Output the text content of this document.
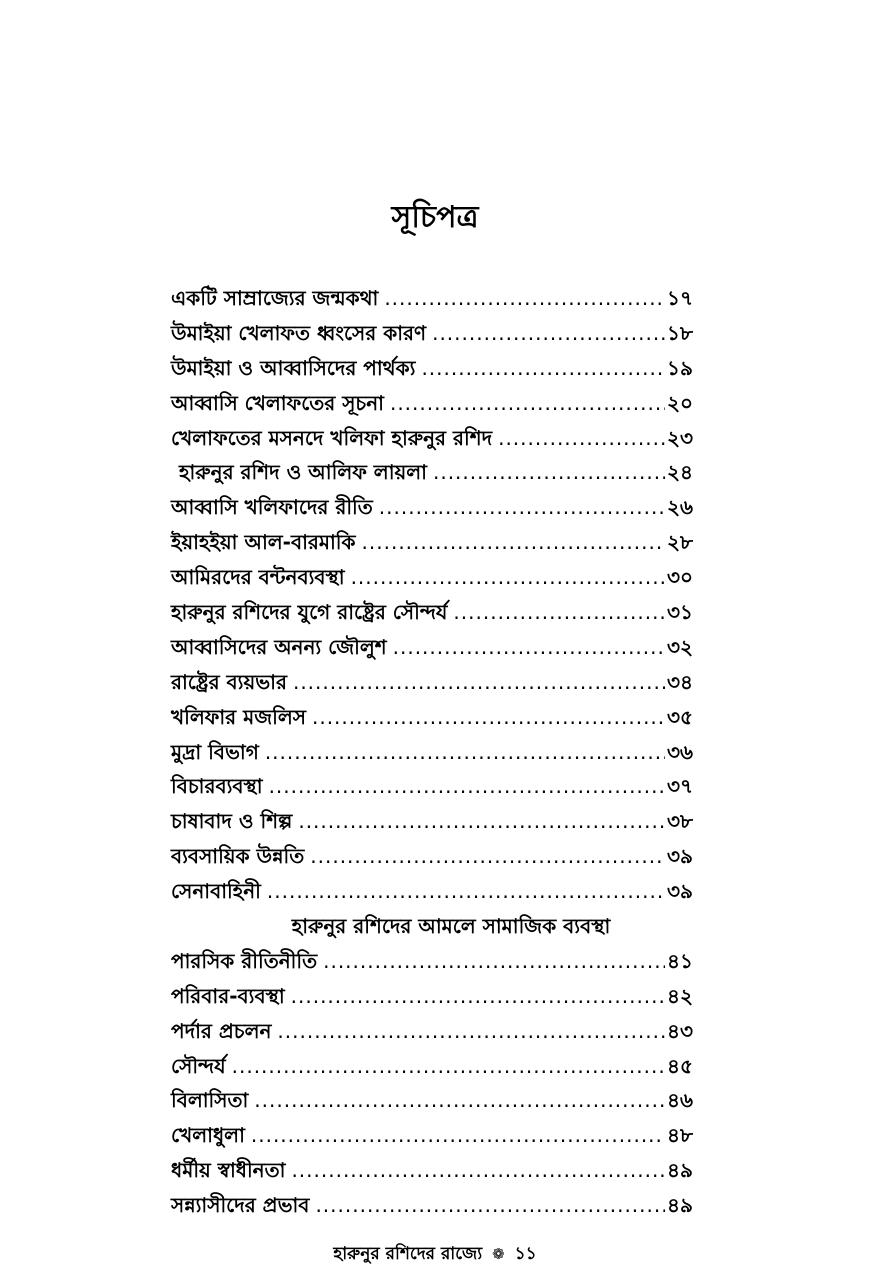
সূচিপত্র
একটি সাম্রাজ্যের জন্মকথা .....	১৭
উমাইয়া খেলাফত ধ্বংসের কারণ .....	১৮
উমাইয়া ও আব্বাসিদের পার্থক্য .....	১৯
আব্বাসি খেলাফতের সূচনা .....	২০
খেলাফতের মসনদে খলিফা হারুনুর রশিদ .....	২৩
হারুনুর রশিদ ও আলিফ লায়লা .....	২৪
আব্বাসি খলিফাদের রীতি .....	২৬
ইয়াহইয়া আল-বারমাকি .....	২৮
আমিরদের বন্টনব্যবস্থা .....	৩০
হারুনুর রশিদের যুগে রাষ্ট্রের সৌন্দর্য .....	৩১
আব্বাসিদের অনন্য জৌলুশ .....	৩২
রাষ্ট্রের ব্যয়ভার .....	৩৪
খলিফার মজলিস .....	৩৫
মুদ্রা বিভাগ .....	৩৬
বিচারব্যবস্থা .....	৩৭
চাষাবাদ ও শিল্প .....	৩৮
ব্যবসায়িক উন্নতি .....	৩৯
সেনাবাহিনী .....	৩৯
হারুনুর রশিদের আমলে সামাজিক ব্যবস্থা
পারসিক রীতিনীতি .....	৪১
পরিবার-ব্যবস্থা .....	৪২
পর্দার প্রচলন .....	৪৩
সৌন্দর্য .....	৪৫
বিলাসিতা .....	৪৬
খেলাধুলা .....	৪৮
ধর্মীয় স্বাধীনতা .....	৪৯
সন্ন্যাসীদের প্রভাব .....	৪৯
হারুনুর রশিদের রাজ্যে ❁ ১১
